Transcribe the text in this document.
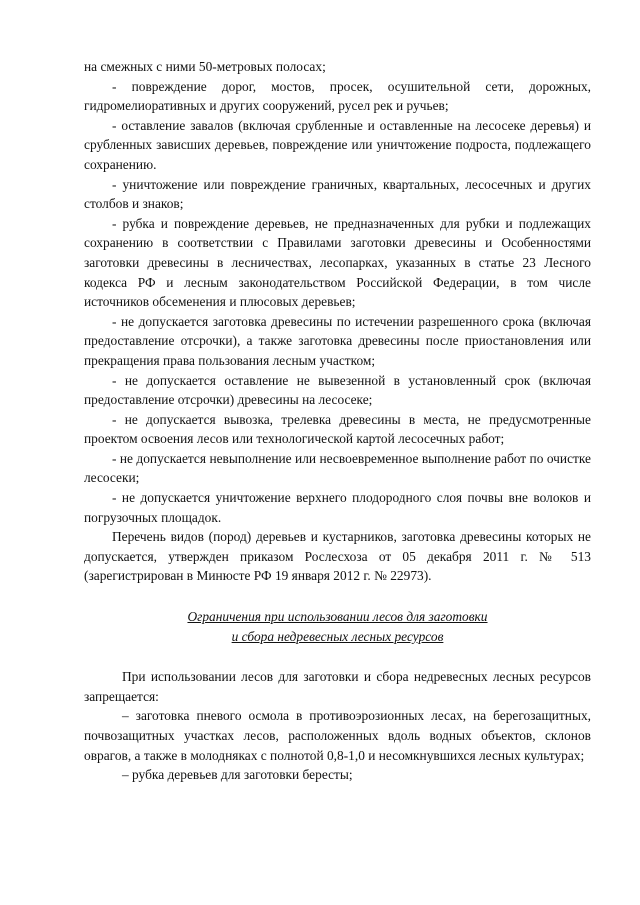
на смежных с ними 50-метровых полосах;

- повреждение дорог, мостов, просек, осушительной сети, дорожных, гидромелиоративных и других сооружений, русел рек и ручьев;

- оставление завалов (включая срубленные и оставленные на лесосеке деревья) и срубленных зависших деревьев, повреждение или уничтожение подроста, подлежащего сохранению.

- уничтожение или повреждение граничных, квартальных, лесосечных и других столбов и знаков;

- рубка и повреждение деревьев, не предназначенных для рубки и подлежащих сохранению в соответствии с Правилами заготовки древесины и Особенностями заготовки древесины в лесничествах, лесопарках, указанных в статье 23 Лесного кодекса РФ и лесным законодательством Российской Федерации, в том числе источников обсеменения и плюсовых деревьев;

- не допускается заготовка древесины по истечении разрешенного срока (включая предоставление отсрочки), а также заготовка древесины после приостановления или прекращения права пользования лесным участком;

- не допускается оставление не вывезенной в установленный срок (включая предоставление отсрочки) древесины на лесосеке;

- не допускается вывозка, трелевка древесины в места, не предусмотренные проектом освоения лесов или технологической картой лесосечных работ;

- не допускается невыполнение или несвоевременное выполнение работ по очистке лесосеки;

- не допускается уничтожение верхнего плодородного слоя почвы вне волоков и погрузочных площадок.

Перечень видов (пород) деревьев и кустарников, заготовка древесины которых не допускается, утвержден приказом Рослесхоза от 05 декабря 2011 г. № 513 (зарегистрирован в Минюсте РФ 19 января 2012 г. № 22973).

Ограничения при использовании лесов для заготовки

и сбора недревесных лесных ресурсов

При использовании лесов для заготовки и сбора недревесных лесных ресурсов запрещается:

– заготовка пневого осмола в противоэрозионных лесах, на берегозащитных, почвозащитных участках лесов, расположенных вдоль водных объектов, склонов оврагов, а также в молодняках с полнотой 0,8-1,0 и несомкнувшихся лесных культурах;

– рубка деревьев для заготовки бересты;
